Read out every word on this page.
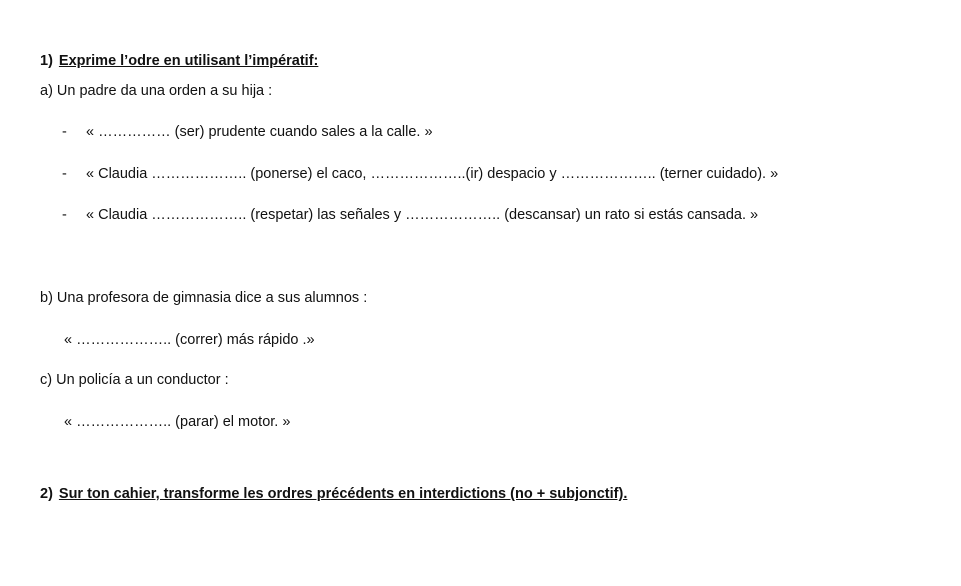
1) Exprime l’odre en utilisant l’impératif:
a) Un padre da una orden a su hija :
- « …………… (ser) prudente cuando sales a la calle. »
- « Claudia ……………….. (ponerse) el caco, ………………..(ir) despacio y ……………….. (terner cuidado). »
- « Claudia ……………….. (respetar) las señales y ……………….. (descansar) un rato si estás cansada. »
b) Una profesora de gimnasia dice a sus alumnos :
« ……………….. (correr) más rápido .»
c) Un policía a un conductor :
« ……………….. (parar) el motor. »
2) Sur ton cahier, transforme les ordres précédents en interdictions (no + subjonctif).
